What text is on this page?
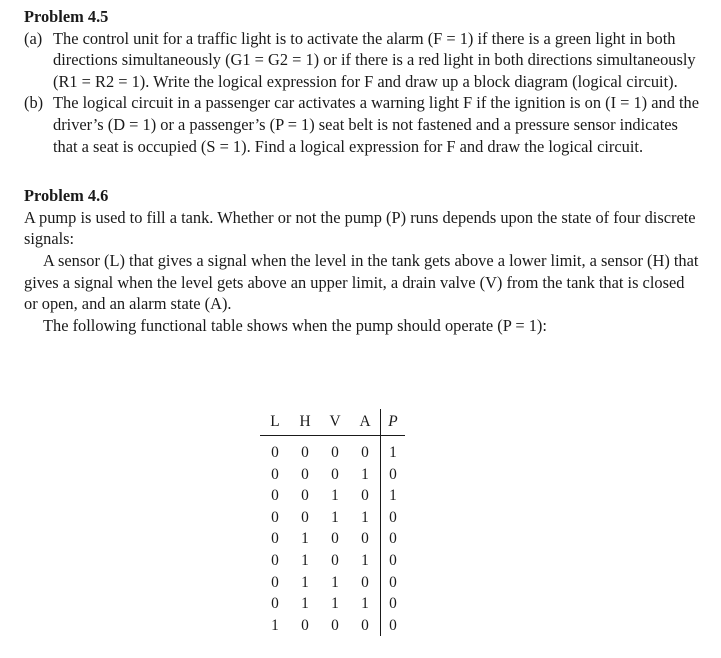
Problem 4.5

(a) The control unit for a traffic light is to activate the alarm (F = 1) if there is a green light in both directions simultaneously (G1 = G2 = 1) or if there is a red light in both directions simultaneously (R1 = R2 = 1). Write the logical expression for F and draw up a block diagram (logical circuit).
(b) The logical circuit in a passenger car activates a warning light F if the ignition is on (I = 1) and the driver’s (D = 1) or a passenger’s (P = 1) seat belt is not fastened and a pressure sensor indicates that a seat is occupied (S = 1). Find a logical expression for F and draw the logical circuit.

Problem 4.6

A pump is used to fill a tank. Whether or not the pump (P) runs depends upon the state of four discrete signals:

A sensor (L) that gives a signal when the level in the tank gets above a lower limit, a sensor (H) that gives a signal when the level gets above an upper limit, a drain valve (V) from the tank that is closed or open, and an alarm state (A).

The following functional table shows when the pump should operate (P = 1):

L	H	V	A	P
0	0	0	0	1
0	0	0	1	0
0	0	1	0	1
0	0	1	1	0
0	1	0	0	0
0	1	0	1	0
0	1	1	0	0
0	1	1	1	0
1	0	0	0	0
